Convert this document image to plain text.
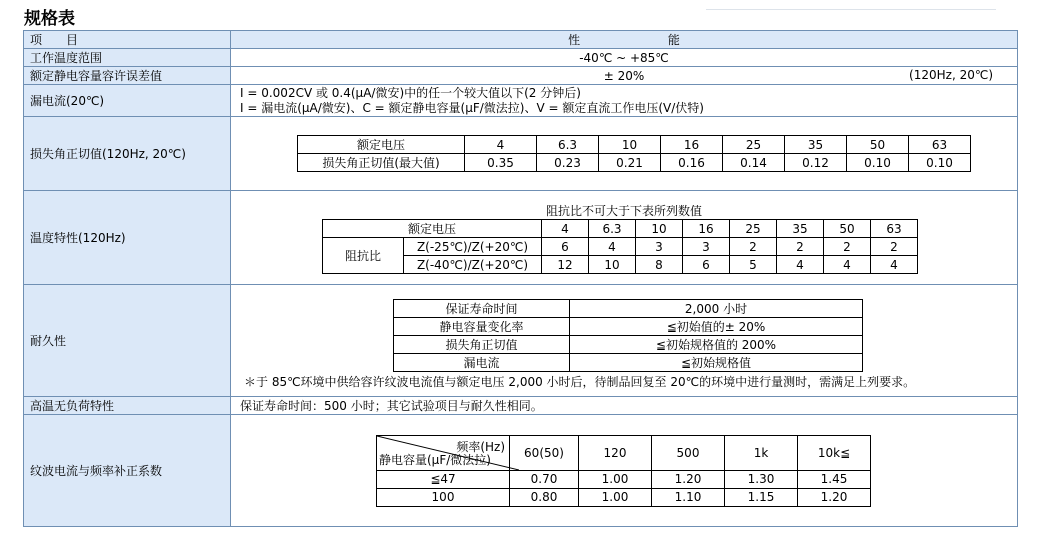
规格表
项　　目	性	能
工作温度范围	-40℃ ~ +85℃
额定静电容量容许误差值	± 20%	(120Hz, 20℃)

漏电流(20℃)	
I = 0.002CV 或 0.4(μA/微安)中的任一个较大值以下(2 分钟后)
I = 漏电流(μA/微安)、C = 额定静电容量(μF/微法拉)、V = 额定直流工作电压(V/伏特)

损失角正切值(120Hz, 20℃)	
额定电压	4	6.3	10	16	25	35	50	63
损失角正切值(最大值)	0.35	0.23	0.21	0.16	0.14	0.12	0.10	0.10

温度特性(120Hz)	
阻抗比不可大于下表所列数值
额定电压	4	6.3	10	16	25	35	50	63
阻抗比	Z(-25℃)/Z(+20℃)	6	4	3	3	2	2	2	2
Z(-40℃)/Z(+20℃)	12	10	8	6	5	4	4	4

耐久性	
保证寿命时间	2,000 小时
静电容量变化率	≦初始值的± 20%
损失角正切值	≦初始规格值的 200%
漏电流	≦初始规格值
＊于 85℃环境中供给容许纹波电流值与额定电压 2,000 小时后，待制品回复至 20℃的环境中进行量测时，需满足上列要求。

高温无负荷特性	保证寿命时间：500 小时；其它试验项目与耐久性相同。
纹波电流与频率补正系数	
频率(Hz)
静电容量(μF/微法拉)	60(50)	120	500	1k	10k≦
≦47	0.70	1.00	1.20	1.30	1.45
100	0.80	1.00	1.10	1.15	1.20
